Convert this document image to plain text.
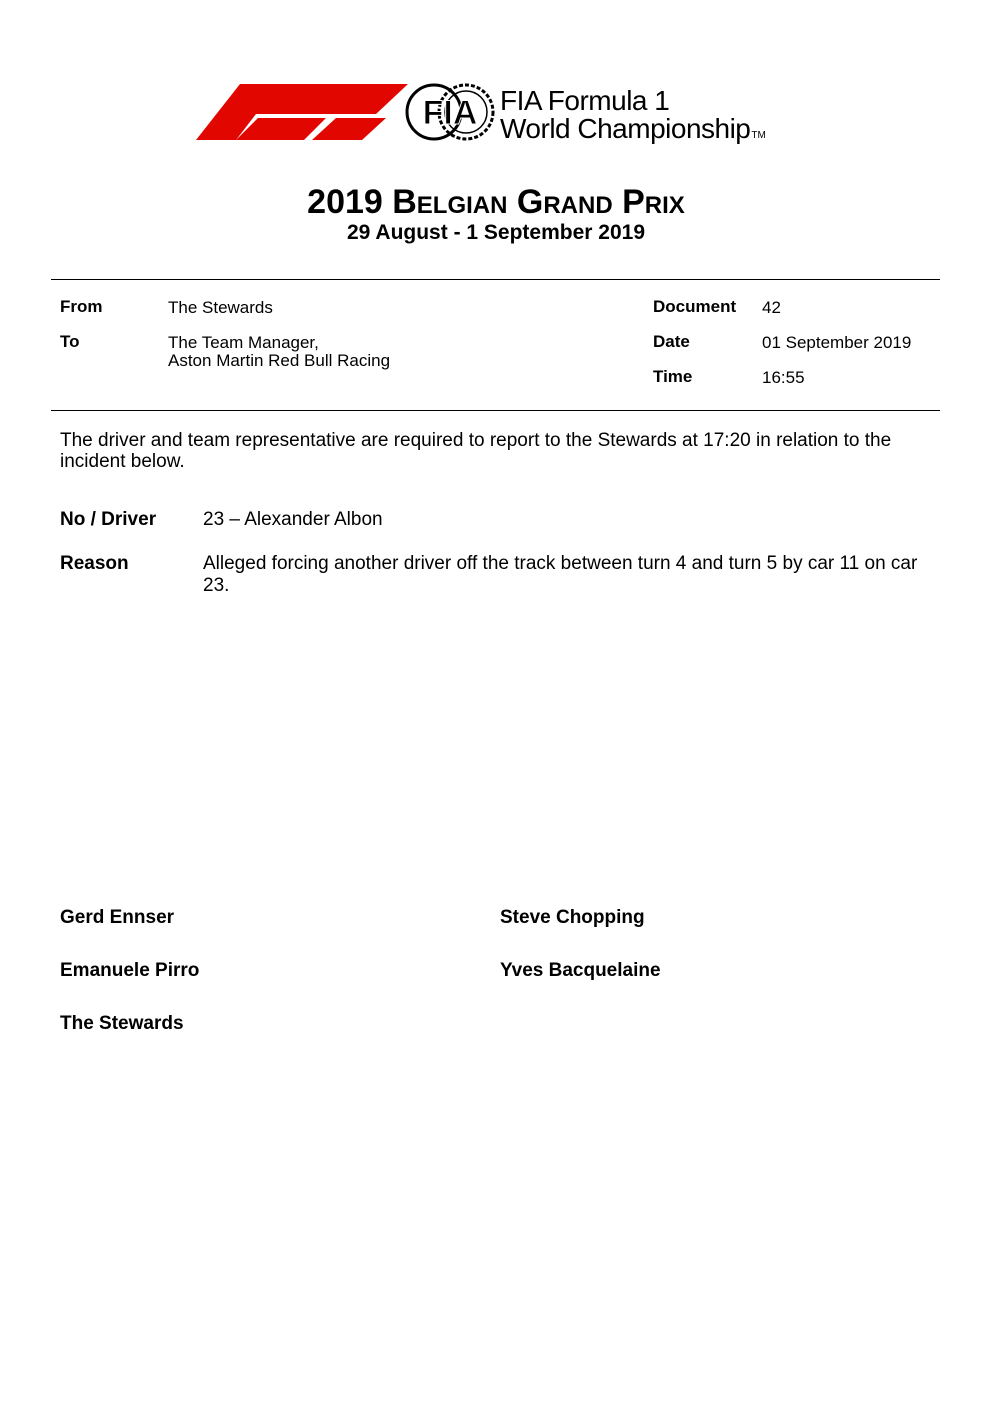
FIA FIA Formula 1
World ChampionshipTM
2019 Belgian Grand Prix
29 August - 1 September 2019
From	The Stewards
To	The Team Manager,
Aston Martin Red Bull Racing
Document 42
Date	01 September 2019
Time	16:55
The driver and team representative are required to report to the Stewards at 17:20 in relation to the incident below.
No / Driver 23 – Alexander Albon
Reason	Alleged forcing another driver off the track between turn 4 and turn 5 by car 11 on car 23.
Gerd Ennser	Steve Chopping
Emanuele Pirro	Yves Bacquelaine
The Stewards
